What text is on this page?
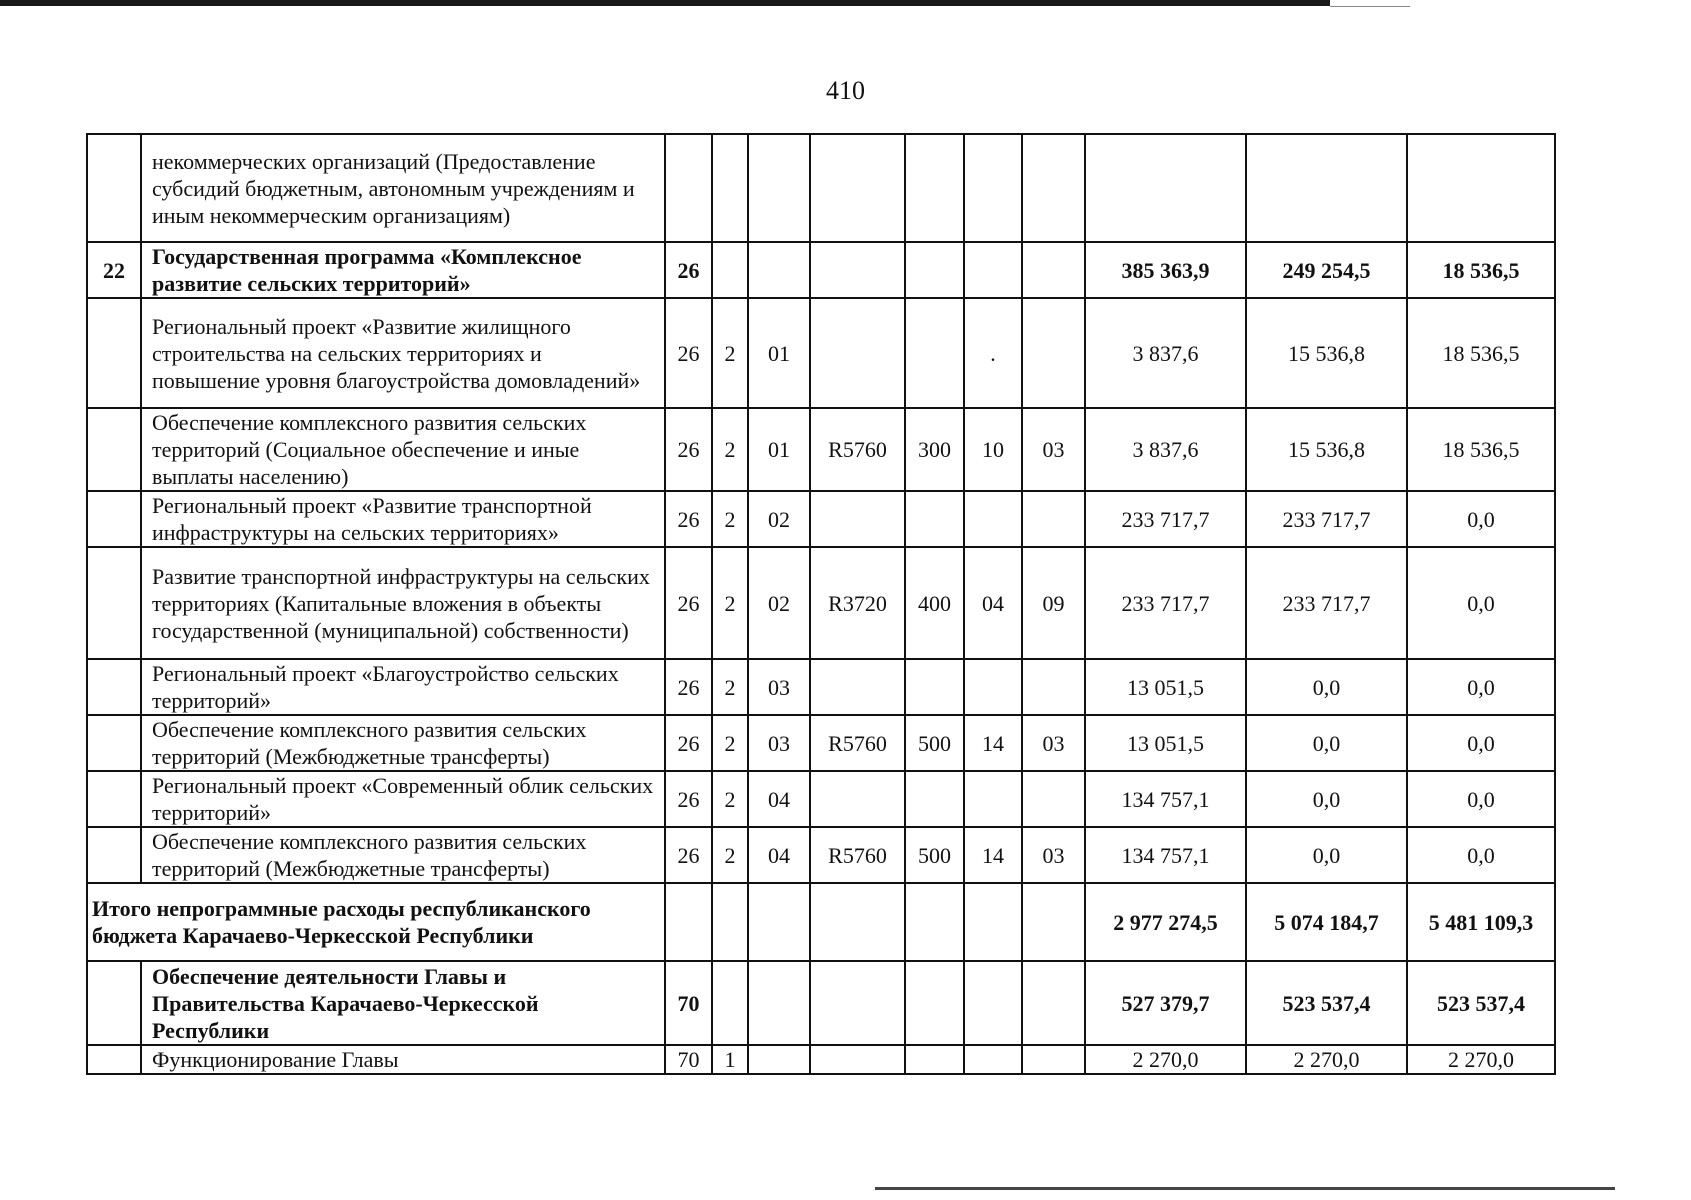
410
	некоммерческих организаций (Предоставление субсидий бюджетным, автономным учреждениям и иным некоммерческим организациям)										
22	Государственная программа «Комплексное развитие сельских территорий»	26							385 363,9	249 254,5	18 536,5
	Региональный проект «Развитие жилищного строительства на сельских территориях и повышение уровня благоустройства домовладений»	26	2	01			.		3 837,6	15 536,8	18 536,5
	Обеспечение комплексного развития сельских территорий (Социальное обеспечение и иные выплаты населению)	26	2	01	R5760	300	10	03	3 837,6	15 536,8	18 536,5
	Региональный проект «Развитие транспортной инфраструктуры на сельских территориях»	26	2	02					233 717,7	233 717,7	0,0
	Развитие транспортной инфраструктуры на сельских территориях (Капитальные вложения в объекты государственной (муниципальной) собственности)	26	2	02	R3720	400	04	09	233 717,7	233 717,7	0,0
	Региональный проект «Благоустройство сельских территорий»	26	2	03					13 051,5	0,0	0,0
	Обеспечение комплексного развития сельских территорий (Межбюджетные трансферты)	26	2	03	R5760	500	14	03	13 051,5	0,0	0,0
	Региональный проект «Современный облик сельских территорий»	26	2	04					134 757,1	0,0	0,0
	Обеспечение комплексного развития сельских территорий (Межбюджетные трансферты)	26	2	04	R5760	500	14	03	134 757,1	0,0	0,0
Итого непрограммные расходы республиканского бюджета Карачаево-Черкесской Республики									2 977 274,5	5 074 184,7	5 481 109,3
	Обеспечение деятельности Главы и Правительства Карачаево-Черкесской Республики	70							527 379,7	523 537,4	523 537,4
	Функционирование Главы	70	1						2 270,0	2 270,0	2 270,0
